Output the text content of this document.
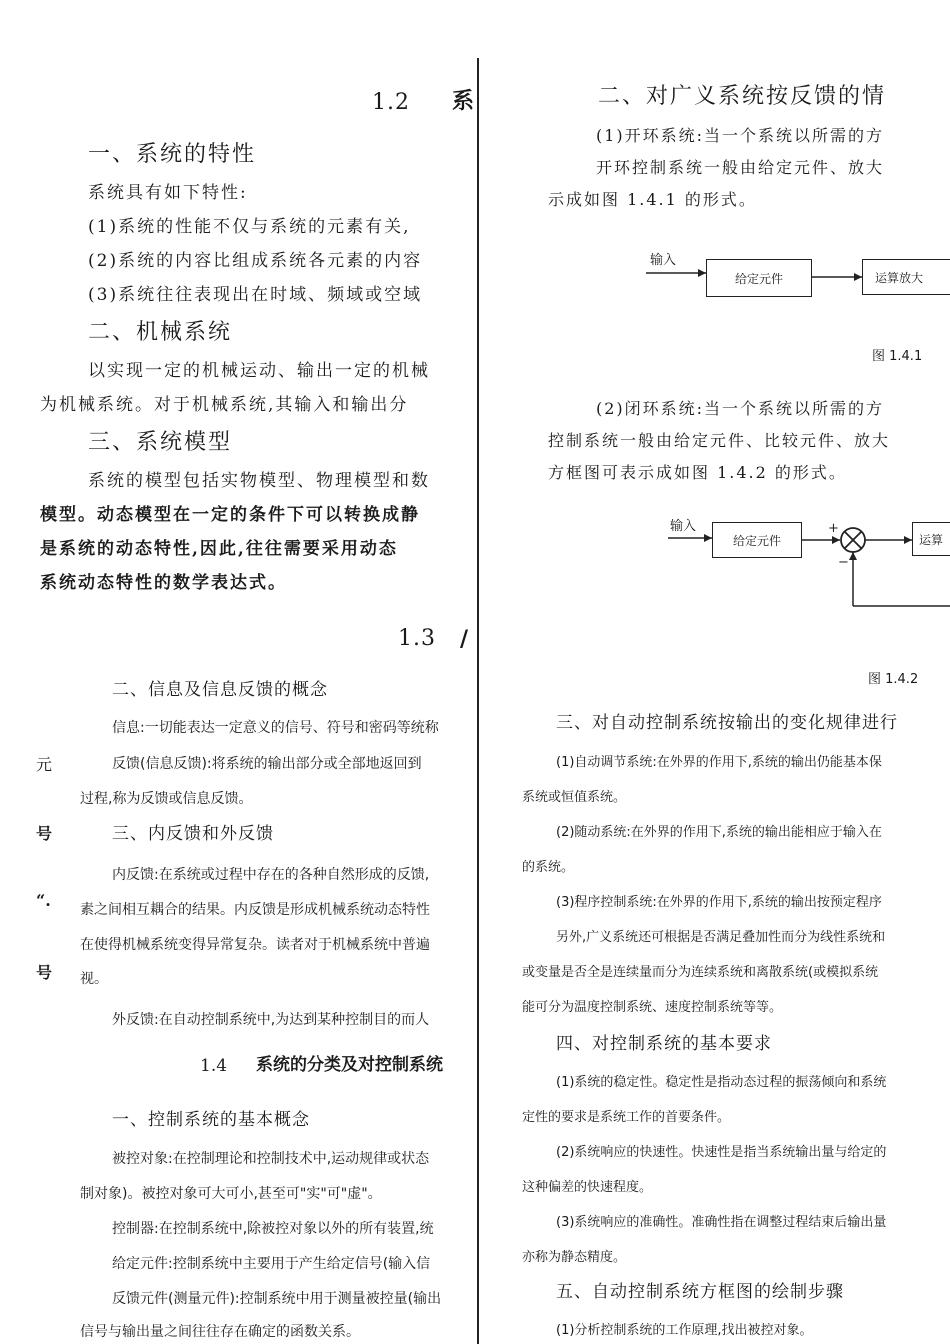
1.2 系
一、系统的特性
系统具有如下特性:
(1)系统的性能不仅与系统的元素有关,
(2)系统的内容比组成系统各元素的内容
(3)系统往往表现出在时域、频域或空域
二、机械系统
以实现一定的机械运动、输出一定的机械
为机械系统。对于机械系统,其输入和输出分
三、系统模型
系统的模型包括实物模型、物理模型和数
模型。动态模型在一定的条件下可以转换成静
是系统的动态特性,因此,往往需要采用动态
系统动态特性的数学表达式。
1.3 /
二、信息及信息反馈的概念
信息:一切能表达一定意义的信号、符号和密码等统称
元	反馈(信息反馈):将系统的输出部分或全部地返回到
过程,称为反馈或信息反馈。
号	三、内反馈和外反馈
内反馈:在系统或过程中存在的各种自然形成的反馈,
“. 素之间相互耦合的结果。内反馈是形成机械系统动态特性
在使得机械系统变得异常复杂。读者对于机械系统中普遍
号 视。
外反馈:在自动控制系统中,为达到某种控制目的而人
1.4 系统的分类及对控制系统
一、控制系统的基本概念
被控对象:在控制理论和控制技术中,运动规律或状态
制对象)。被控对象可大可小,甚至可"实"可"虚"。
控制器:在控制系统中,除被控对象以外的所有装置,统
给定元件:控制系统中主要用于产生给定信号(输入信
反馈元件(测量元件):控制系统中用于测量被控量(输出
信号与输出量之间往往存在确定的函数关系。
二、对广义系统按反馈的情
(1)开环系统:当一个系统以所需的方
开环控制系统一般由给定元件、放大
示成如图 1.4.1 的形式。
输入
给定元件	运算放大
图 1.4.1
(2)闭环系统:当一个系统以所需的方
控制系统一般由给定元件、比较元件、放大
方框图可表示成如图 1.4.2 的形式。
输入
给定元件
+
−
运算
图 1.4.2
三、对自动控制系统按输出的变化规律进行
(1)自动调节系统:在外界的作用下,系统的输出仍能基本保
系统或恒值系统。
(2)随动系统:在外界的作用下,系统的输出能相应于输入在
的系统。
(3)程序控制系统:在外界的作用下,系统的输出按预定程序
另外,广义系统还可根据是否满足叠加性而分为线性系统和
或变量是否全是连续量而分为连续系统和离散系统(或模拟系统
能可分为温度控制系统、速度控制系统等等。
四、对控制系统的基本要求
(1)系统的稳定性。稳定性是指动态过程的振荡倾向和系统
定性的要求是系统工作的首要条件。
(2)系统响应的快速性。快速性是指当系统输出量与给定的
这种偏差的快速程度。
(3)系统响应的准确性。准确性指在调整过程结束后输出量
亦称为静态精度。
五、自动控制系统方框图的绘制步骤
(1)分析控制系统的工作原理,找出被控对象。
